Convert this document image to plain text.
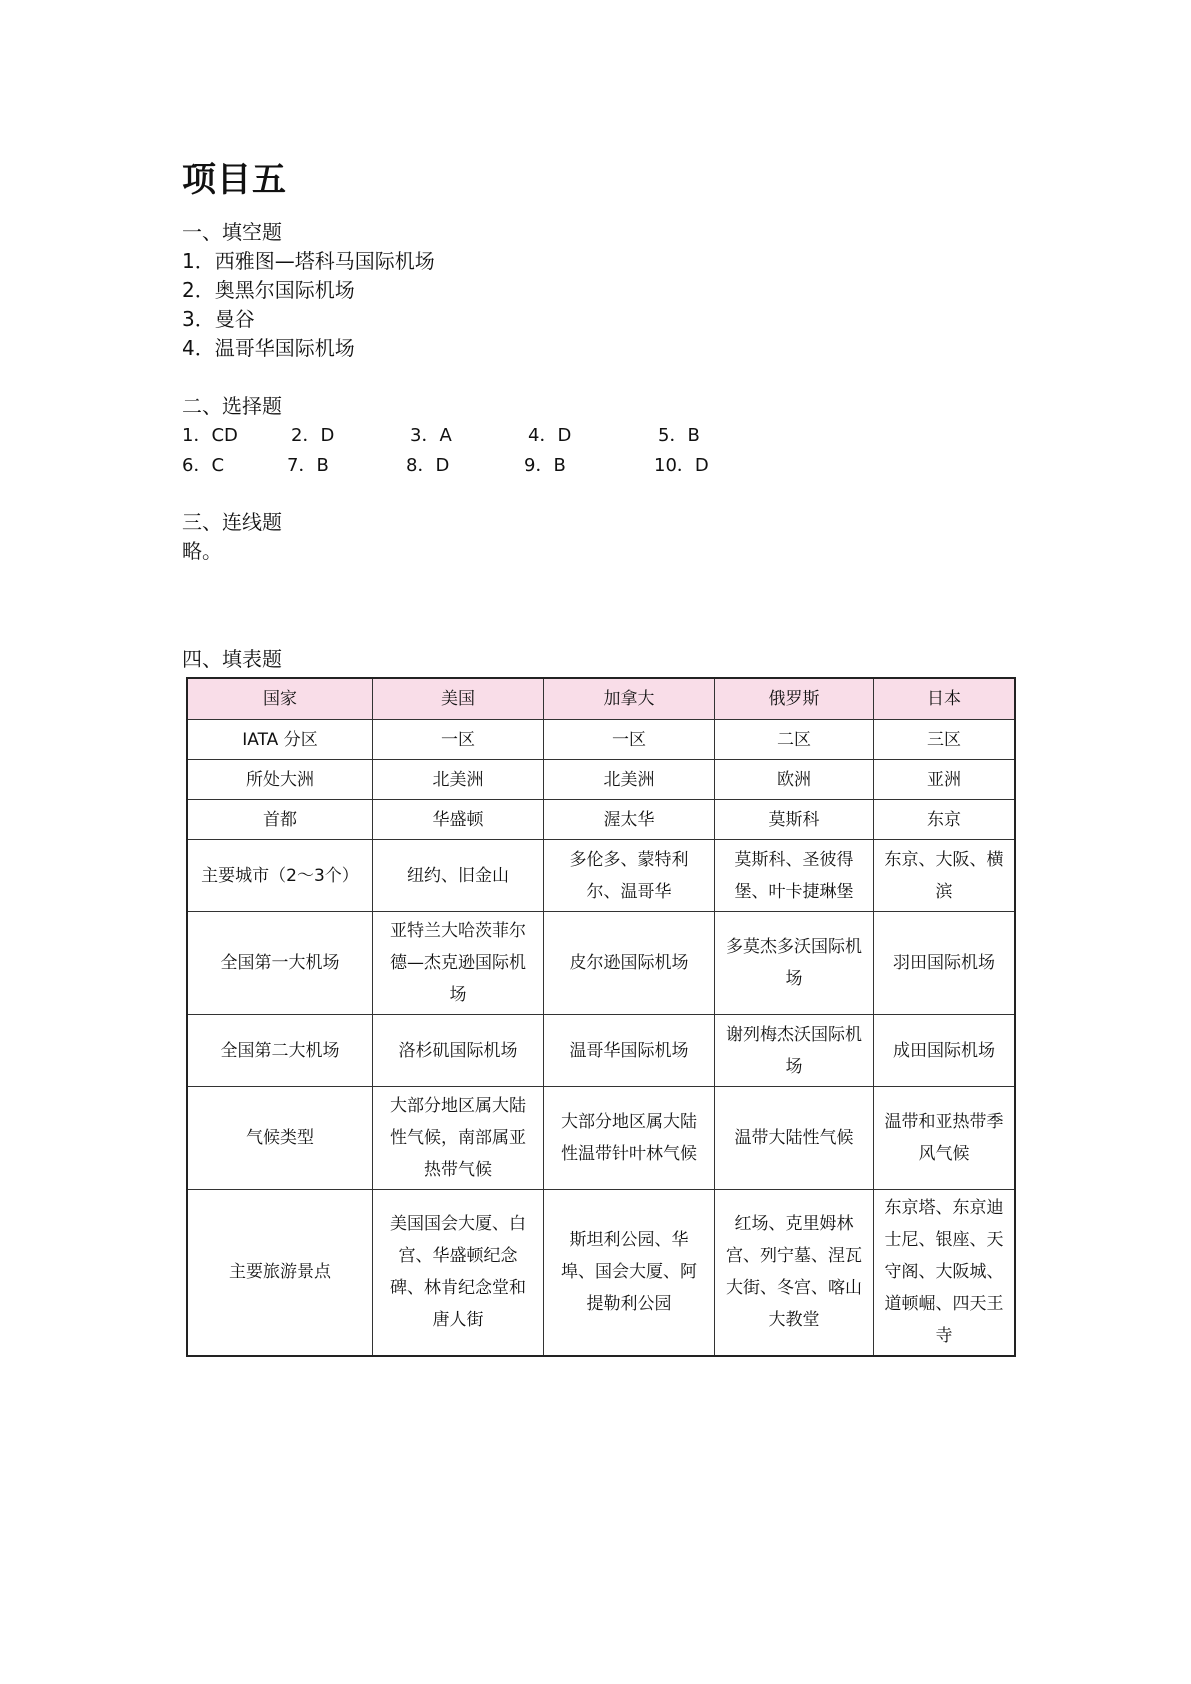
项目五
一、填空题
1．西雅图—塔科马国际机场
2．奥黑尔国际机场
3．曼谷
4．温哥华国际机场
二、选择题
1．CD	2．D	3．A	4．D	5．B
6．C	7．B	8．D	9．B	10．D
三、连线题
略。
四、填表题
国家	美国	加拿大	俄罗斯	日本
IATA 分区	一区	一区	二区	三区
所处大洲	北美洲	北美洲	欧洲	亚洲
首都	华盛顿	渥太华	莫斯科	东京
主要城市（2～3个）	纽约、旧金山	多伦多、蒙特利尔、温哥华	莫斯科、圣彼得堡、叶卡捷琳堡	东京、大阪、横滨
全国第一大机场	亚特兰大哈茨菲尔德—杰克逊国际机场	皮尔逊国际机场	多莫杰多沃国际机场	羽田国际机场
全国第二大机场	洛杉矶国际机场	温哥华国际机场	谢列梅杰沃国际机场	成田国际机场
气候类型	大部分地区属大陆性气候，南部属亚热带气候	大部分地区属大陆性温带针叶林气候	温带大陆性气候	温带和亚热带季风气候
主要旅游景点	美国国会大厦、白宫、华盛顿纪念碑、林肯纪念堂和唐人街	斯坦利公园、华埠、国会大厦、阿提勒利公园	红场、克里姆林宫、列宁墓、涅瓦大街、冬宫、喀山大教堂	东京塔、东京迪士尼、银座、天守阁、大阪城、道顿崛、四天王寺
